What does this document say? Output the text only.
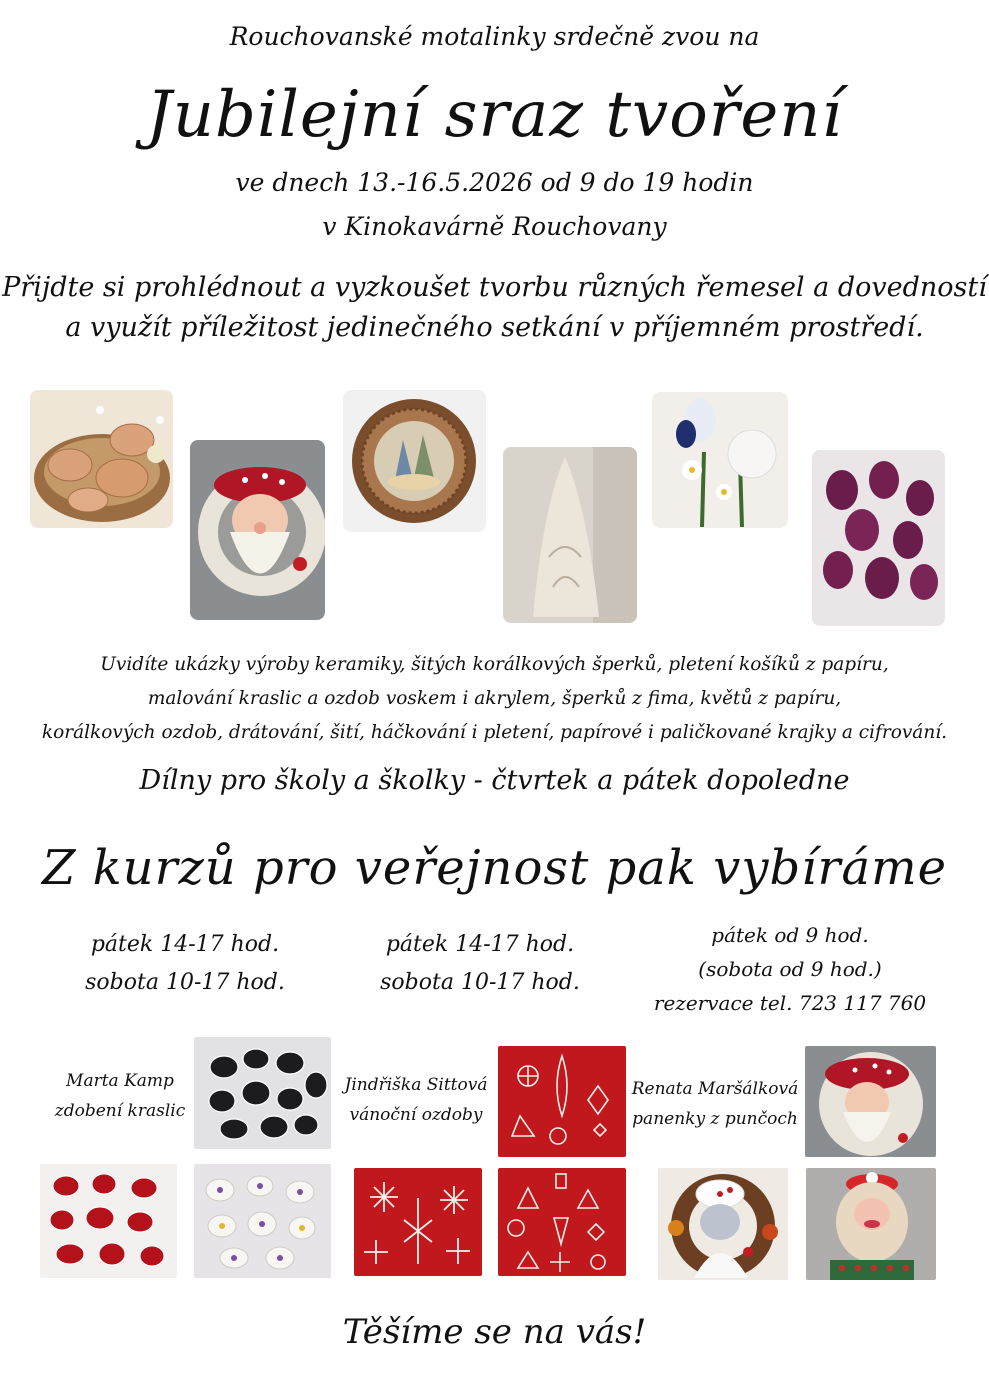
Rouchovanské motalinky srdečně zvou na
Jubilejní sraz tvoření
ve dnech 13.-16.5.2026 od 9 do 19 hodin
v Kinokavárně Rouchovany
Přijdte si prohlédnout a vyzkoušet tvorbu různých řemesel a dovedností
a využít příležitost jedinečného setkání v příjemném prostředí.
Uvidíte ukázky výroby keramiky, šitých korálkových šperků, pletení košíků z papíru,
malování kraslic a ozdob voskem i akrylem, šperků z fima, květů z papíru,
korálkových ozdob, drátování, šití, háčkování i pletení, papírové i paličkované krajky a cifrování.
Dílny pro školy a školky - čtvrtek a pátek dopoledne
Z kurzů pro veřejnost pak vybíráme
pátek 14-17 hod.
sobota 10-17 hod.
pátek 14-17 hod.
sobota 10-17 hod.
pátek od 9 hod.
(sobota od 9 hod.)
rezervace tel. 723 117 760
Marta Kamp
zdobení kraslic
Jindřiška Sittová
vánoční ozdoby
Renata Maršálková
panenky z punčoch
Těšíme se na vás!
